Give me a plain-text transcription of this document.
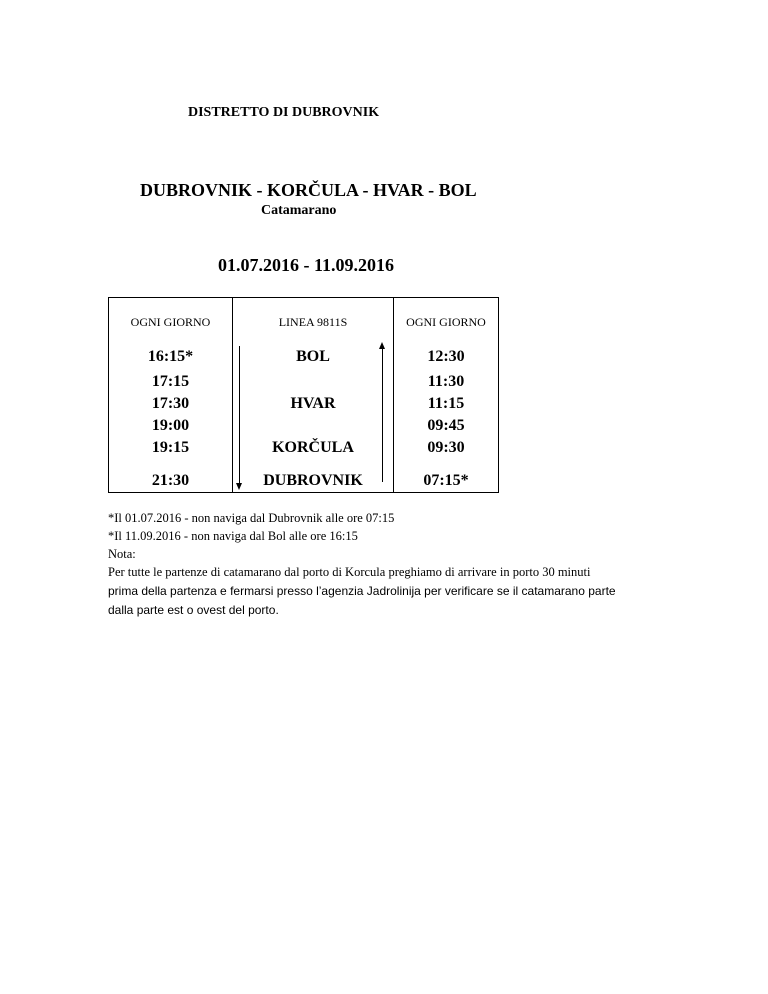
DISTRETTO DI DUBROVNIK
DUBROVNIK - KORČULA - HVAR - BOL
Catamarano
01.07.2016 - 11.09.2016
OGNI GIORNO	LINEA 9811S	OGNI GIORNO
16:15*
17:15
17:30
19:00
19:15
21:30
BOL
HVAR
KORČULA
DUBROVNIK
12:30
11:30
11:15
09:45
09:30
07:15*
*Il 01.07.2016 - non naviga dal Dubrovnik alle ore 07:15
*Il 11.09.2016 - non naviga dal Bol alle ore 16:15
Nota:
Per tutte le partenze di catamarano dal porto di Korcula preghiamo di arrivare in porto 30 minuti
prima della partenza e fermarsi presso l’agenzia Jadrolinija per verificare se il catamarano parte
dalla parte est o ovest del porto.
